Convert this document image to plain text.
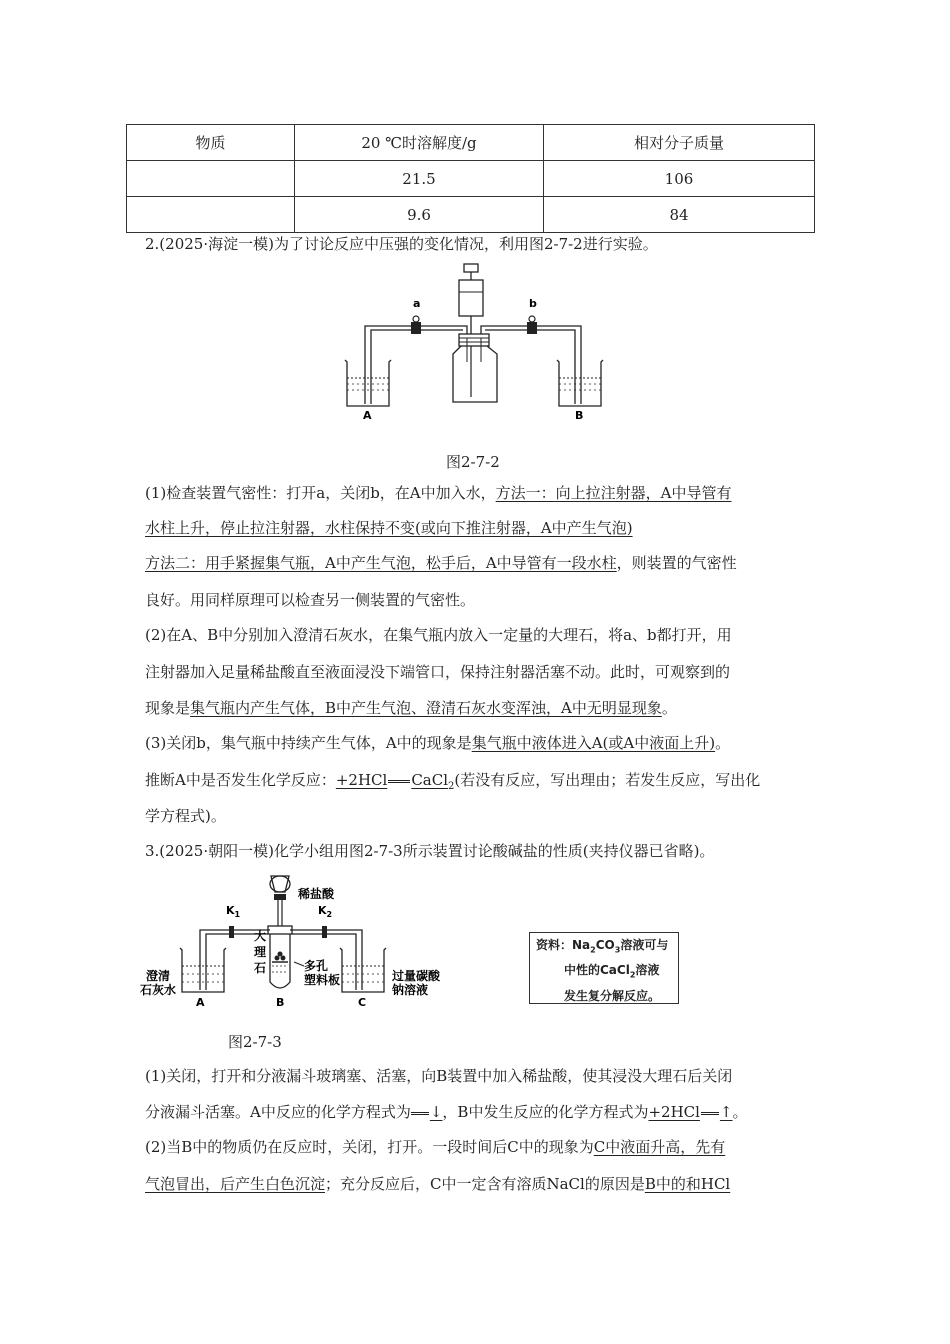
物质	20 ℃时溶解度/g	相对分子质量
	21.5	106
	9.6	84
2.(2025·海淀一模)为了讨论反应中压强的变化情况，利用图2-7-2进行实验。
a	b
A	B
图2-7-2
(1)检查装置气密性：打开a，关闭b，在A中加入水，方法一：向上拉注射器，A中导管有
水柱上升，停止拉注射器，水柱保持不变(或向下推注射器，A中产生气泡)
方法二：用手紧握集气瓶，A中产生气泡，松手后，A中导管有一段水柱，则装置的气密性
良好。用同样原理可以检查另一侧装置的气密性。
(2)在A、B中分别加入澄清石灰水，在集气瓶内放入一定量的大理石，将a、b都打开，用
注射器加入足量稀盐酸直至液面浸没下端管口，保持注射器活塞不动。此时，可观察到的
现象是集气瓶内产生气体，B中产生气泡、澄清石灰水变浑浊，A中无明显现象。
(3)关闭b，集气瓶中持续产生气体，A中的现象是集气瓶中液体进入A(或A中液面上升)。
推断A中是否发生化学反应：+2HCl CaCl$_2$(若没有反应，写出理由；若发生反应，写出化
学方程式)。
3.(2025·朝阳一模)化学小组用图2-7-3所示装置讨论酸碱盐的性质(夹持仪器已省略)。
稀盐酸
$K_1$	$K_2$
澄清
石灰水
大
理
石	多孔
塑料板	过量碳酸
钠溶液
A	B	C
资料：$Na_2CO_3$溶液可与
中性的CaCl$_2$溶液
发生复分解反应。
图2-7-3
(1)关闭，打开和分液漏斗玻璃塞、活塞，向B装置中加入稀盐酸，使其浸没大理石后关闭
分液漏斗活塞。A中反应的化学方程式为 ↓，B中发生反应的化学方程式为+2HCl ↑。
(2)当B中的物质仍在反应时，关闭，打开。一段时间后C中的现象为C中液面升高，先有
气泡冒出，后产生白色沉淀；充分反应后，C中一定含有溶质NaCl的原因是B中的和HCl
